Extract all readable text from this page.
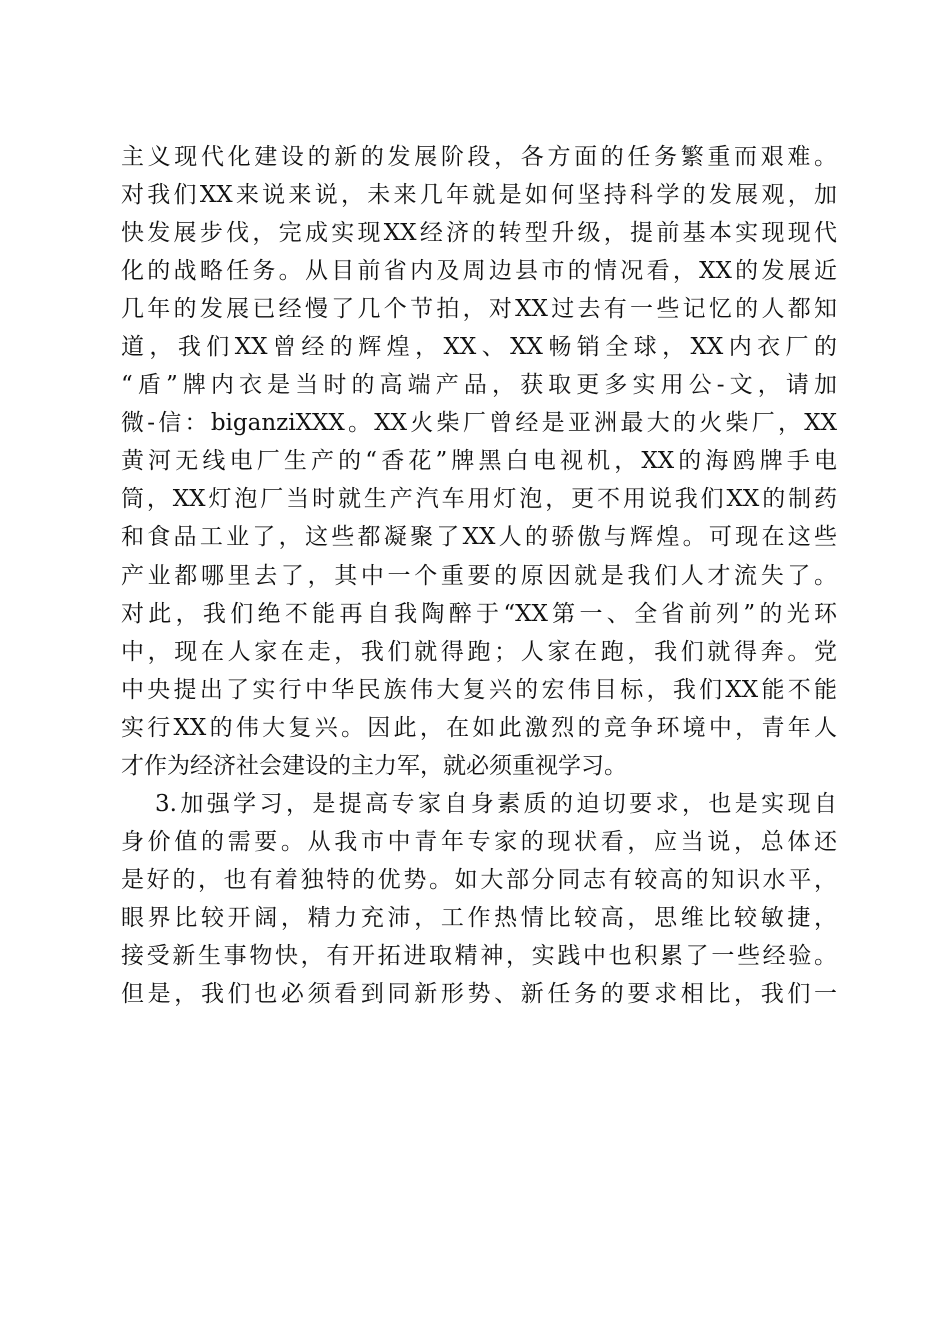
主义现代化建设的新的发展阶段，各方面的任务繁重而艰难。
对我们XX来说来说，未来几年就是如何坚持科学的发展观，加
快发展步伐，完成实现XX经济的转型升级，提前基本实现现代
化的战略任务。从目前省内及周边县市的情况看，XX的发展近
几年的发展已经慢了几个节拍，对XX过去有一些记忆的人都知
道，我们XX曾经的辉煌，XX、XX畅销全球，XX内衣厂的
“盾”牌内衣是当时的高端产品，获取更多实用公-文，请加
微-信：biganziXXX。XX火柴厂曾经是亚洲最大的火柴厂，XX
黄河无线电厂生产的“香花”牌黑白电视机，XX的海鸥牌手电
筒，XX灯泡厂当时就生产汽车用灯泡，更不用说我们XX的制药
和食品工业了，这些都凝聚了XX人的骄傲与辉煌。可现在这些
产业都哪里去了，其中一个重要的原因就是我们人才流失了。
对此，我们绝不能再自我陶醉于“XX第一、全省前列”的光环
中，现在人家在走，我们就得跑；人家在跑，我们就得奔。党
中央提出了实行中华民族伟大复兴的宏伟目标，我们XX能不能
实行XX的伟大复兴。因此，在如此激烈的竞争环境中，青年人
才作为经济社会建设的主力军，就必须重视学习。
3.加强学习，是提高专家自身素质的迫切要求，也是实现自
身价值的需要。从我市中青年专家的现状看，应当说，总体还
是好的，也有着独特的优势。如大部分同志有较高的知识水平，
眼界比较开阔，精力充沛，工作热情比较高，思维比较敏捷，
接受新生事物快，有开拓进取精神，实践中也积累了一些经验。
但是，我们也必须看到同新形势、新任务的要求相比，我们一
